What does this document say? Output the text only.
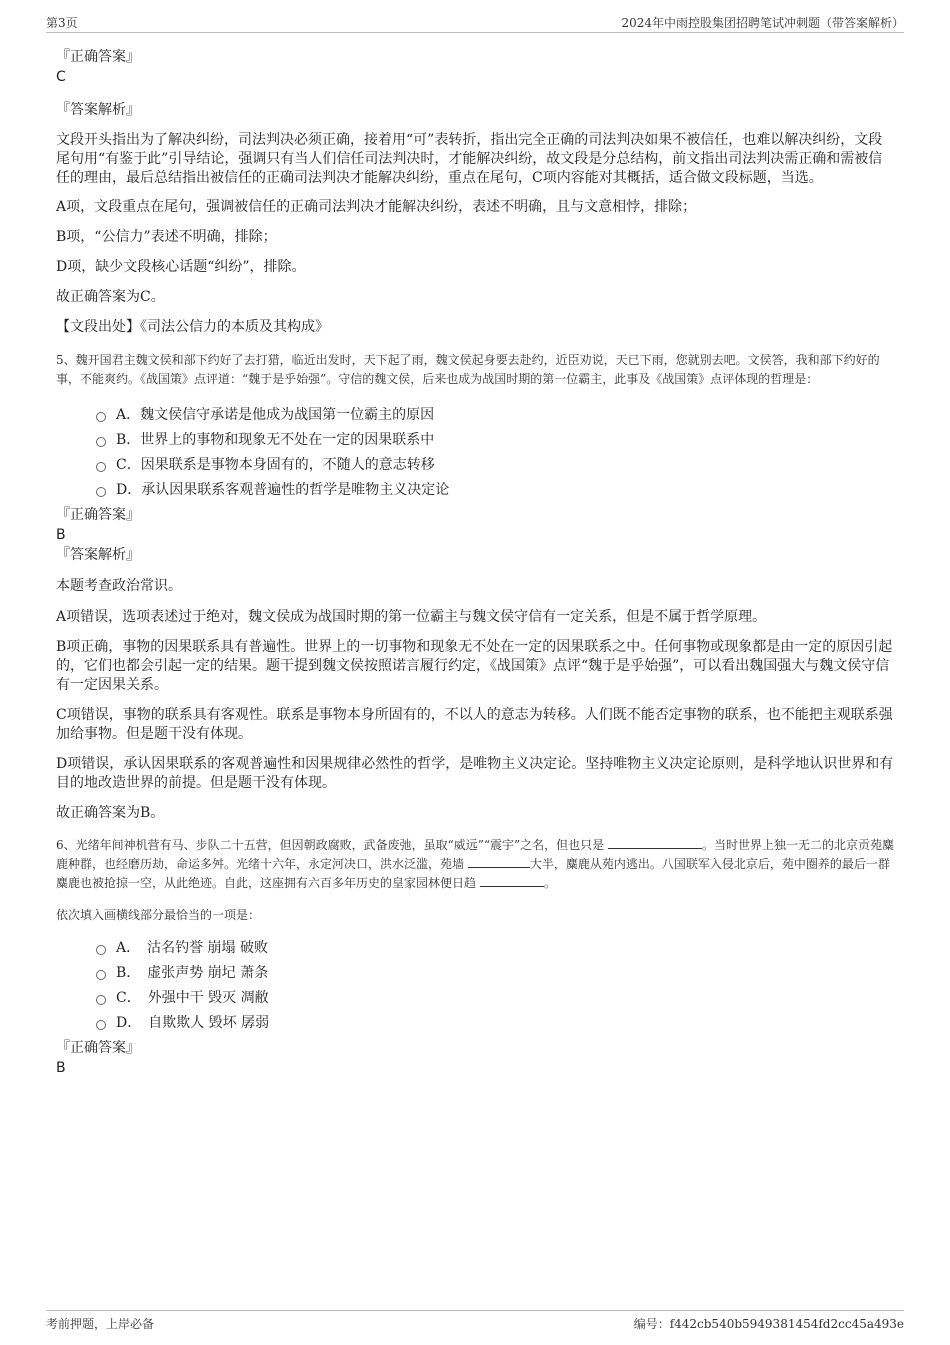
第3页	2024年中雨控股集团招聘笔试冲刺题（带答案解析）
『正确答案』
C
『答案解析』

文段开头指出为了解决纠纷，司法判决必须正确，接着用“可”表转折，指出完全正确的司法判决如果不被信任，也难以解决纠纷，文段尾句用“有鉴于此”引导结论，强调只有当人们信任司法判决时，才能解决纠纷，故文段是分总结构，前文指出司法判决需正确和需被信任的理由，最后总结指出被信任的正确司法判决才能解决纠纷，重点在尾句，C项内容能对其概括，适合做文段标题，当选。

A项，文段重点在尾句，强调被信任的正确司法判决才能解决纠纷，表述不明确，且与文意相悖，排除；

B项，“公信力”表述不明确，排除；

D项，缺少文段核心话题“纠纷”，排除。

故正确答案为C。

【文段出处】《司法公信力的本质及其构成》

5、魏开国君主魏文侯和部下约好了去打猎，临近出发时，天下起了雨，魏文侯起身要去赴约，近臣劝说，天已下雨，您就别去吧。文侯答，我和部下约好的事，不能爽约。《战国策》点评道：“魏于是乎始强”。守信的魏文侯，后来也成为战国时期的第一位霸主，此事及《战国策》点评体现的哲理是：

A．魏文侯信守承诺是他成为战国第一位霸主的原因
B．世界上的事物和现象无不处在一定的因果联系中
C．因果联系是事物本身固有的，不随人的意志转移
D．承认因果联系客观普遍性的哲学是唯物主义决定论
『正确答案』
B
『答案解析』

本题考查政治常识。

A项错误，选项表述过于绝对，魏文侯成为战国时期的第一位霸主与魏文侯守信有一定关系，但是不属于哲学原理。

B项正确，事物的因果联系具有普遍性。世界上的一切事物和现象无不处在一定的因果联系之中。任何事物或现象都是由一定的原因引起的，它们也都会引起一定的结果。题干提到魏文侯按照诺言履行约定，《战国策》点评“魏于是乎始强”，可以看出魏国强大与魏文侯守信有一定因果关系。

C项错误，事物的联系具有客观性。联系是事物本身所固有的，不以人的意志为转移。人们既不能否定事物的联系，也不能把主观联系强加给事物。但是题干没有体现。

D项错误，承认因果联系的客观普遍性和因果规律必然性的哲学，是唯物主义决定论。坚持唯物主义决定论原则，是科学地认识世界和有目的地改造世界的前提。但是题干没有体现。

故正确答案为B。

6、光绪年间神机营有马、步队二十五营，但因朝政腐败，武备废弛，虽取“威远”“震宇”之名，但也只是	。当时世界上独一无二的北京贡苑麋鹿种群，也经磨历劫，命运多舛。光绪十六年，永定河决口，洪水泛滥，苑墙	大半，麋鹿从苑内逃出。八国联军入侵北京后，苑中圈养的最后一群麋鹿也被抢掠一空，从此绝迹。自此，这座拥有六百多年历史的皇家园林便日趋	。

依次填入画横线部分最恰当的一项是：

A．　沽名钓誉 崩塌 破败
B．　虚张声势 崩圮 萧条
C．　外强中干 毁灭 凋敝
D．　自欺欺人 毁坏 孱弱
『正确答案』
B
考前押题，上岸必备	编号：f442cb540b5949381454fd2cc45a493e
